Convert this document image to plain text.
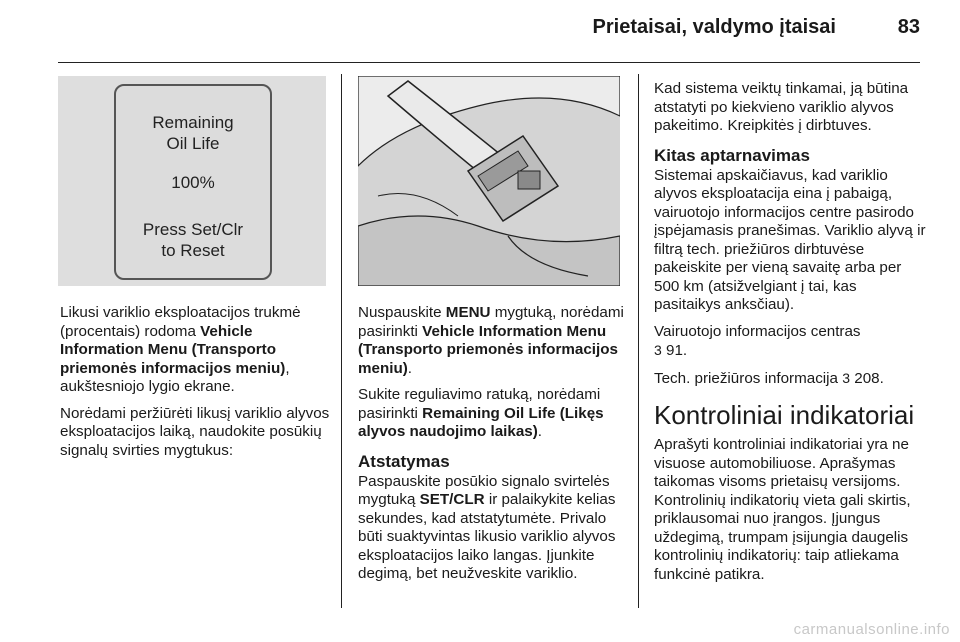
Prietaisai, valdymo įtaisai	83
Remaining
Oil Life
100%
Press Set/Clr
to Reset

Likusi variklio eksploatacijos trukmė (procentais) rodoma Vehicle Information Menu (Transporto priemonės informacijos meniu), aukštesniojo lygio ekrane.

Norėdami peržiūrėti likusį variklio alyvos eksploatacijos laiką, naudokite posūkių signalų svirties mygtukus:

Nuspauskite MENU mygtuką, norėdami pasirinkti Vehicle Information Menu (Transporto priemonės informacijos meniu).

Sukite reguliavimo ratuką, norėdami pasirinkti Remaining Oil Life (Likęs alyvos naudojimo laikas).

Atstatymas

Paspauskite posūkio signalo svirtelės mygtuką SET/CLR ir palaikykite kelias sekundes, kad atstatytumėte. Privalo būti suaktyvintas likusio variklio alyvos eksploatacijos laiko langas. Įjunkite degimą, bet neužveskite variklio.

Kad sistema veiktų tinkamai, ją būtina atstatyti po kiekvieno variklio alyvos pakeitimo. Kreipkitės į dirbtuves.

Kitas aptarnavimas

Sistemai apskaičiavus, kad variklio alyvos eksploatacija eina į pabaigą, vairuotojo informacijos centre pasirodo įspėjamasis pranešimas. Variklio alyvą ir filtrą tech. priežiūros dirbtuvėse pakeiskite per vieną savaitę arba per 500 km (atsižvelgiant į tai, kas pasitaikys anksčiau).

Vairuotojo informacijos centras
3 91.

Tech. priežiūros informacija 3 208.

Kontroliniai indikatoriai

Aprašyti kontroliniai indikatoriai yra ne visuose automobiliuose. Aprašymas taikomas visoms prietaisų versijoms. Kontrolinių indikatorių vieta gali skirtis, priklausomai nuo įrangos. Įjungus uždegimą, trumpam įsijungia daugelis kontrolinių indikatorių: taip atliekama funkcinė patikra.

carmanualsonline.info
